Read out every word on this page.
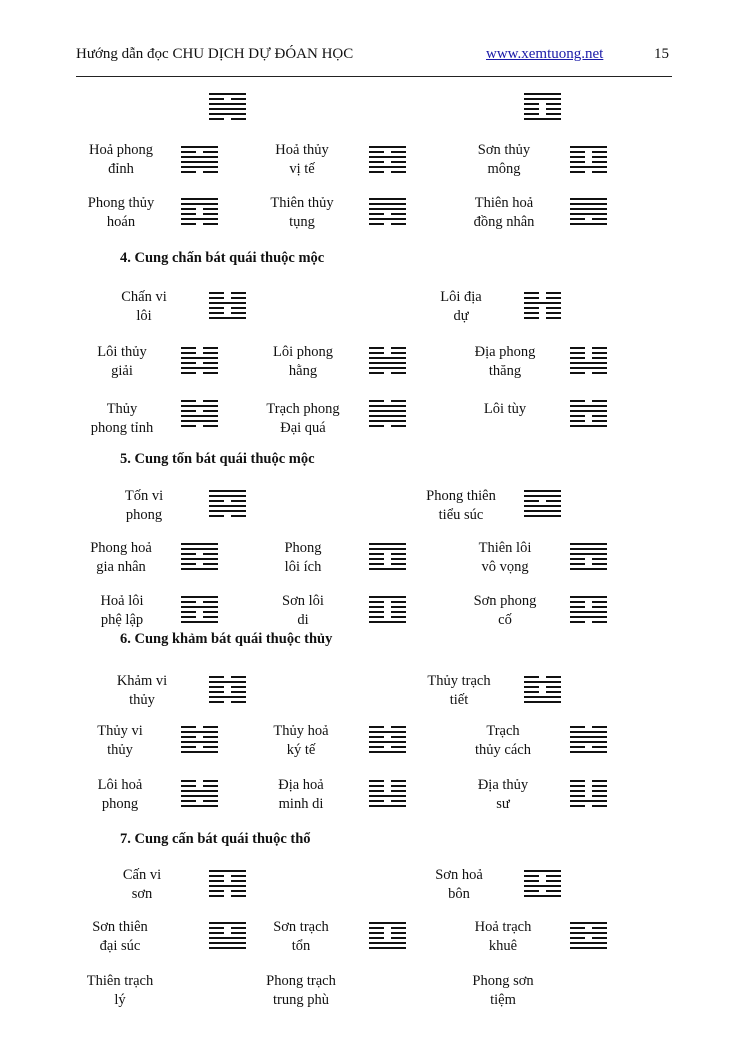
Hướng dẫn đọc CHU DỊCH DỰ ĐÓAN HỌC	www.xemtuong.net	15
4. Cung chấn bát quái thuộc mộc
5. Cung tốn bát quái thuộc mộc
6. Cung khảm bát quái thuộc thủy
7. Cung cấn bát quái thuộc thổ
Hoả phong
đỉnh
Hoả thủy
vị tế
Sơn thủy
mông
Phong thủy
hoán
Thiên thủy
tụng
Thiên hoả
đồng nhân
Chấn vi
lôi
Lôi địa
dự
Lôi thủy
giải
Lôi phong
hằng
Địa phong
thăng
Thủy
phong tỉnh
Trạch phong
Đại quá
Lôi tùy
Tốn vi
phong
Phong thiên
tiểu súc
Phong hoả
gia nhân
Phong
lôi ích
Thiên lôi
vô vọng
Hoả lôi
phệ lập
Sơn lôi
di
Sơn phong
cố
Khảm vi
thủy
Thủy trạch
tiết
Thủy vi
thủy
Thủy hoả
ký tế
Trạch
thủy cách
Lôi hoả
phong
Địa hoả
minh di
Địa thủy
sư
Cấn vi
sơn
Sơn hoả
bôn
Sơn thiên
đại súc
Sơn trạch
tổn
Hoả trạch
khuê
Thiên trạch
lý
Phong trạch
trung phù
Phong sơn
tiệm
